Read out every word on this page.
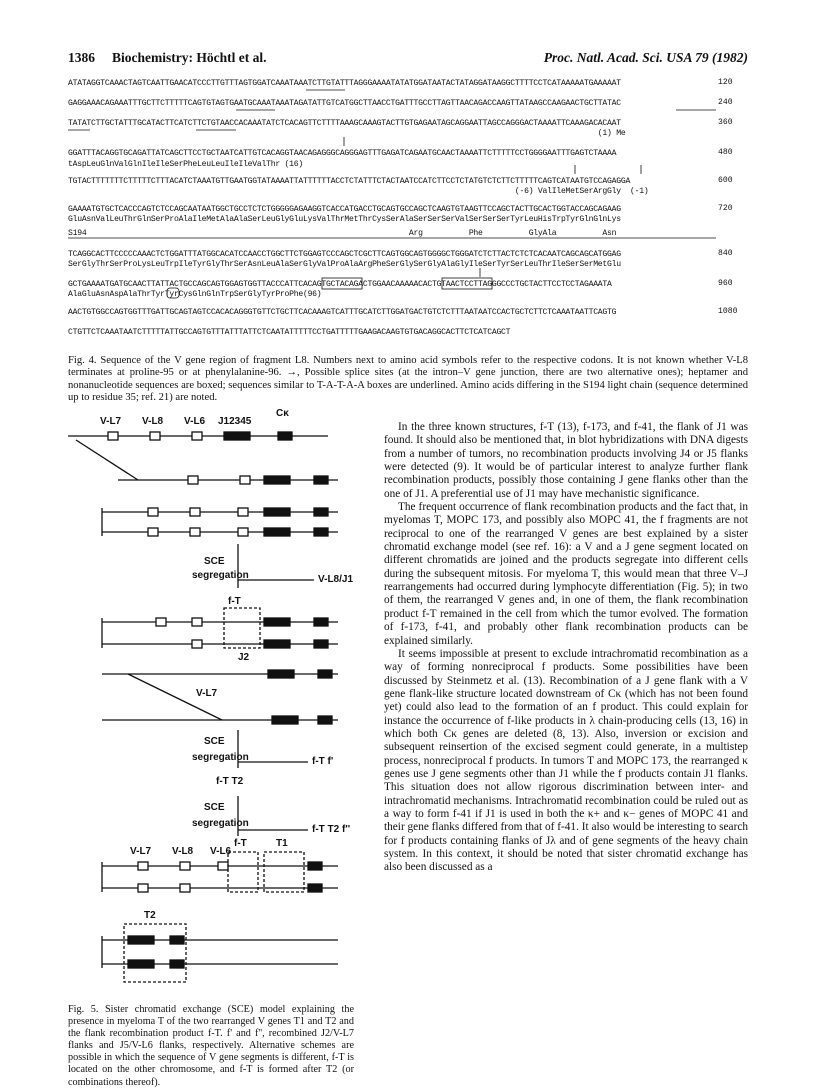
1386 Biochemistry: Höchtl et al.	Proc. Natl. Acad. Sci. USA 79 (1982)
ATATAGGTCAAACTAGTCAATTGAACATCCCTTGTTTAGTGGATCAAATAAATCTTGTATTTAGGGAAAATATATGGATAATACTATAGGATAAGGCTTTTCCTCATAAAAATGAAAAAT	120
GAGGAAACAGAAATTTGCTTCTTTTTCAGTGTAGTGAATGCAAATAAATAGATATTGTCATGGCTTAACCTGATTTGCCTTAGTTAACAGACCAAGTTATAAGCCAAGAACTGCTTATAC	240
TATATCTTGCTATTTGCATACTTCATCTTCTGTAACCACAAATATCTCACAGTTCTTTTAAAGCAAAGTACTTGTGAGAATAGCAGGAATTAGCCAGGGACTAAAATTCAAAGACACAAT
(1) Me
360
GGATTTACAGGTGCAGATTATCAGCTTCCTGCTAATCATTGTCACAGGTAACAGAGGGCAGGGAGTTTGAGATCAGAATGCAACTAAAATTCTTTTTCCTGGGGAATTTGAGTCTAAAA
tAspLeuGlnValGlnIleIleSerPheLeuLeuIleIleValThr (16)
480
TGTACTTTTTTTCTTTTTCTTTACATCTAAATGTTGAATGGTATAAAATTATTTTTTACCTCTATTTCTACTAATCCATCTTCCTCTATGTCTCTTCTTTTTCAGTCATAATGTCCAGAGGA
(-6) ValIleMetSerArgGly  (-1)
600
GAAAATGTGCTCACCCAGTCTCCAGCAATAATGGCTGCCTCTCTGGGGGAGAAGGTCACCATGACCTGCAGTGCCAGCTCAAGTGTAAGTTCCAGCTACTTGCACTGGTACCAGCAGAAG
GluAsnValLeuThrGlnSerProAlaIleMetAlaAlaSerLeuGlyGluLysValThrMetThrCysSerAlaSerSerSerValSerSerSerTyrLeuHisTrpTyrGlnGlnLys
720
S194                                                                      Arg          Phe          GlyAla          Asn
TCAGGCACTTCCCCCAAACTCTGGATTTATGGCACATCCAACCTGGCTTCTGGAGTCCCAGCTCGCTTCAGTGGCAGTGGGGCTGGGATCTCTTACTCTCTCACAATCAGCAGCATGGAG
SerGlyThrSerProLysLeuTrpIleTyrGlyThrSerAsnLeuAlaSerGlyValProAlaArgPheSerGlySerGlyAlaGlyIleSerTyrSerLeuThrIleSerSerMetGlu
840
GCTGAAAATGATGCAACTTATTACTGCCAGCAGTGGAGTGGTTACCCATTCACAGTGCTACAGACTGGAACAAAAACACTGTAACTCCTTAGGGCCCTGCTACTTCCTCCTAGAAATA
AlaGluAsnAspAlaThrTyrTyrCysGlnGlnTrpSerGlyTyrProPhe(96)
960
AACTGTGGCCAGTGGTTTGATTGCAGTAGTCCACACAGGGTGTTCTGCTTCACAAAGTCATTTGCATCTTGGATGACTGTCTCTTTAATAATCCACTGCTCTTCTCAAATAATTCAGTG	1080
CTGTTCTCAAATAATCTTTTTATTGCCAGTGTTTATTTATTCTCAATATTTTTCCTGATTTTTGAAGACAAGTGTGACAGGCACTTCTCATCAGCT
Fig. 4. Sequence of the V gene region of fragment L8. Numbers next to amino acid symbols refer to the respective codons. It is not known whether V-L8 terminates at proline-95 or at phenylalanine-96. →, Possible splice sites (at the intron–V gene junction, there are two alternative ones); heptamer and nonanucleotide sequences are boxed; sequences similar to T-A-T-A-A boxes are underlined. Amino acids differing in the S194 light chain (sequence determined up to residue 35; ref. 21) are noted.
V-L7 V-L8 V-L6 J12345
Cκ
SCE
segregation	V-L8/J1
f-T
J2
V-L7
SCE
segregation	f-T f'
f-T T2
SCE
segregation
f-T T2 f''
V-L7 V-L8 V-L6
f-T	T1
T2
Fig. 5. Sister chromatid exchange (SCE) model explaining the presence in myeloma T of the two rearranged V genes T1 and T2 and the flank recombination product f-T. f' and f'', recombined J2/V-L7 flanks and J5/V-L6 flanks, respectively. Alternative schemes are possible in which the sequence of V gene segments is different, f-T is located on the other chromosome, and f-T is formed after T2 (or combinations thereof).

In the three known structures, f-T (13), f-173, and f-41, the flank of J1 was found. It should also be mentioned that, in blot hybridizations with DNA digests from a number of tumors, no recombination products involving J4 or J5 flanks were detected (9). It would be of particular interest to analyze further flank recombination products, possibly those containing J gene flanks other than the one of J1. A preferential use of J1 may have mechanistic significance.

The frequent occurrence of flank recombination products and the fact that, in myelomas T, MOPC 173, and possibly also MOPC 41, the f fragments are not reciprocal to one of the rearranged V genes are best explained by a sister chromatid exchange model (see ref. 16): a V and a J gene segment located on different chromatids are joined and the products segregate into different cells during the subsequent mitosis. For myeloma T, this would mean that three V–J rearrangements had occurred during lymphocyte differentiation (Fig. 5); in two of them, the rearranged V genes and, in one of them, the flank recombination product f-T remained in the cell from which the tumor evolved. The formation of f-173, f-41, and probably other flank recombination products can be explained similarly.

It seems impossible at present to exclude intrachromatid recombination as a way of forming nonreciprocal f products. Some possibilities have been discussed by Steinmetz et al. (13). Recombination of a J gene flank with a V gene flank-like structure located downstream of Cκ (which has not been found yet) could also lead to the formation of an f product. This could explain for instance the occurrence of f-like products in λ chain-producing cells (13, 16) in which both Cκ genes are deleted (8, 13). Also, inversion or excision and subsequent reinsertion of the excised segment could generate, in a multistep process, nonreciprocal f products. In tumors T and MOPC 173, the rearranged κ genes use J gene segments other than J1 while the f products contain J1 flanks. This situation does not allow rigorous discrimination between inter- and intrachromatid mechanisms. Intrachromatid recombination could be ruled out as a way to form f-41 if J1 is used in both the κ+ and κ− genes of MOPC 41 and their gene flanks differed from that of f-41. It also would be interesting to search for f products containing flanks of Jλ and of gene segments of the heavy chain system. In this context, it should be noted that sister chromatid exchange has also been discussed as a
